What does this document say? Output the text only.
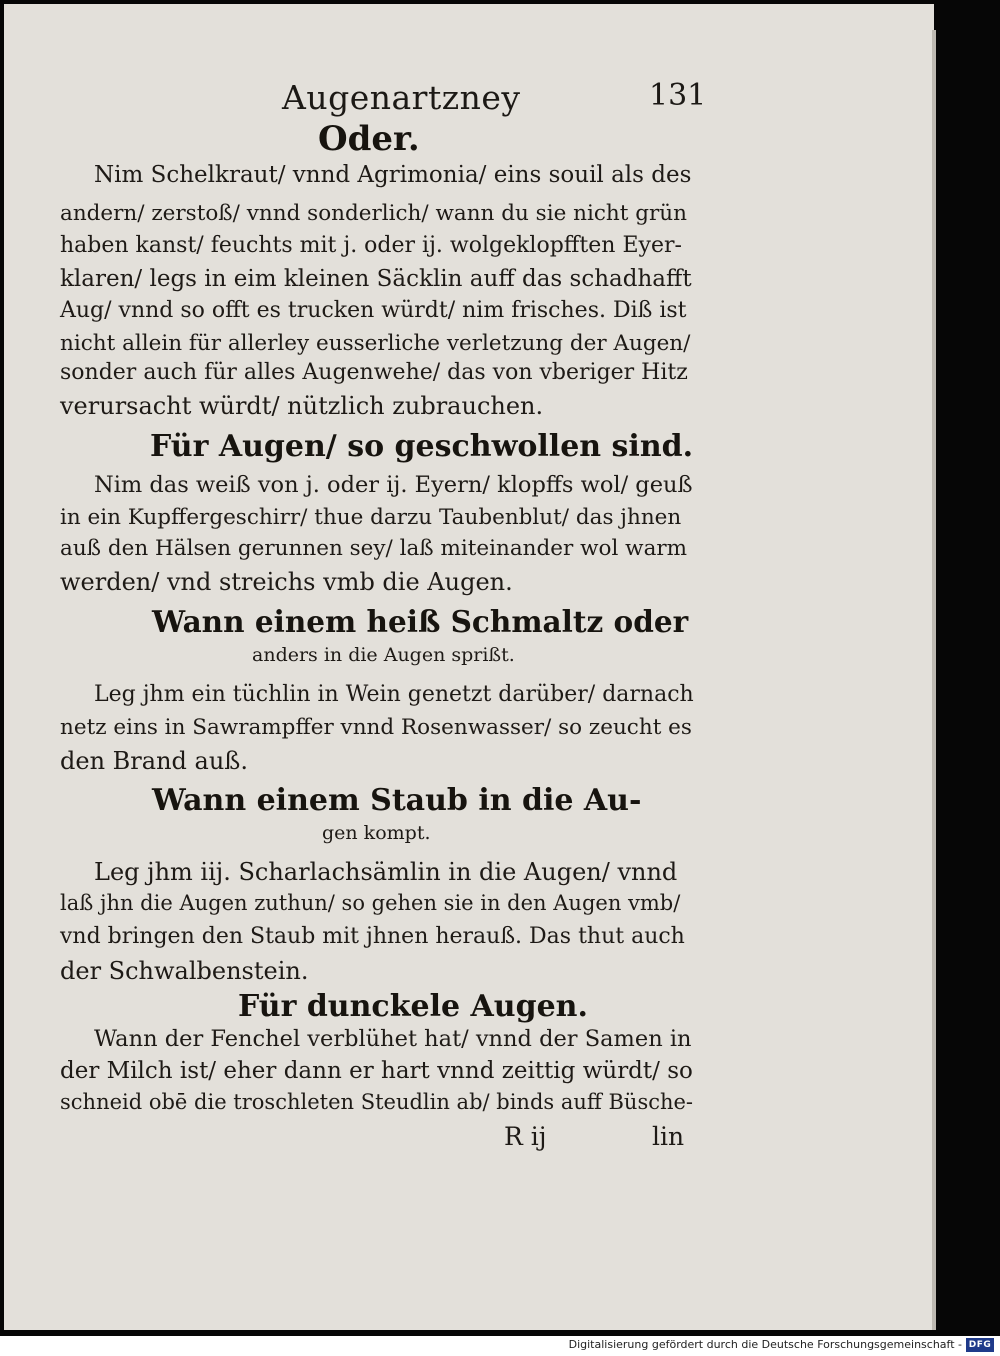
Augenartzney	131
Oder.
Nim Schelkraut/ vnnd Agrimonia/ eins souil als des
andern/ zerstoß/ vnnd sonderlich/ wann du sie nicht grün
haben kanst/ feuchts mit j. oder ij. wolgeklopfften Eyer-
klaren/ legs in eim kleinen Säcklin auff das schadhafft
Aug/ vnnd so offt es trucken würdt/ nim frisches. Diß ist
nicht allein für allerley eusserliche verletzung der Augen/
sonder auch für alles Augenwehe/ das von vberiger Hitz
verursacht würdt/ nützlich zubrauchen.
Für Augen/ so geschwollen sind.
Nim das weiß von j. oder ij. Eyern/ klopffs wol/ geuß
in ein Kupffergeschirr/ thue darzu Taubenblut/ das jhnen
auß den Hälsen gerunnen sey/ laß miteinander wol warm
werden/ vnd streichs vmb die Augen.
Wann einem heiß Schmaltz oder
anders in die Augen sprißt.
Leg jhm ein tüchlin in Wein genetzt darüber/ darnach
netz eins in Sawrampffer vnnd Rosenwasser/ so zeucht es
den Brand auß.
Wann einem Staub in die Au-
gen kompt.
Leg jhm iij. Scharlachsämlin in die Augen/ vnnd
laß jhn die Augen zuthun/ so gehen sie in den Augen vmb/
vnd bringen den Staub mit jhnen herauß. Das thut auch
der Schwalbenstein.
Für dunckele Augen.
Wann der Fenchel verblühet hat/ vnnd der Samen in
der Milch ist/ eher dann er hart vnnd zeittig würdt/ so
schneid obē die troschleten Steudlin ab/ binds auff Büsche-
R ij	lin
Digitalisierung gefördert durch die Deutsche Forschungsgemeinschaft - DFG
